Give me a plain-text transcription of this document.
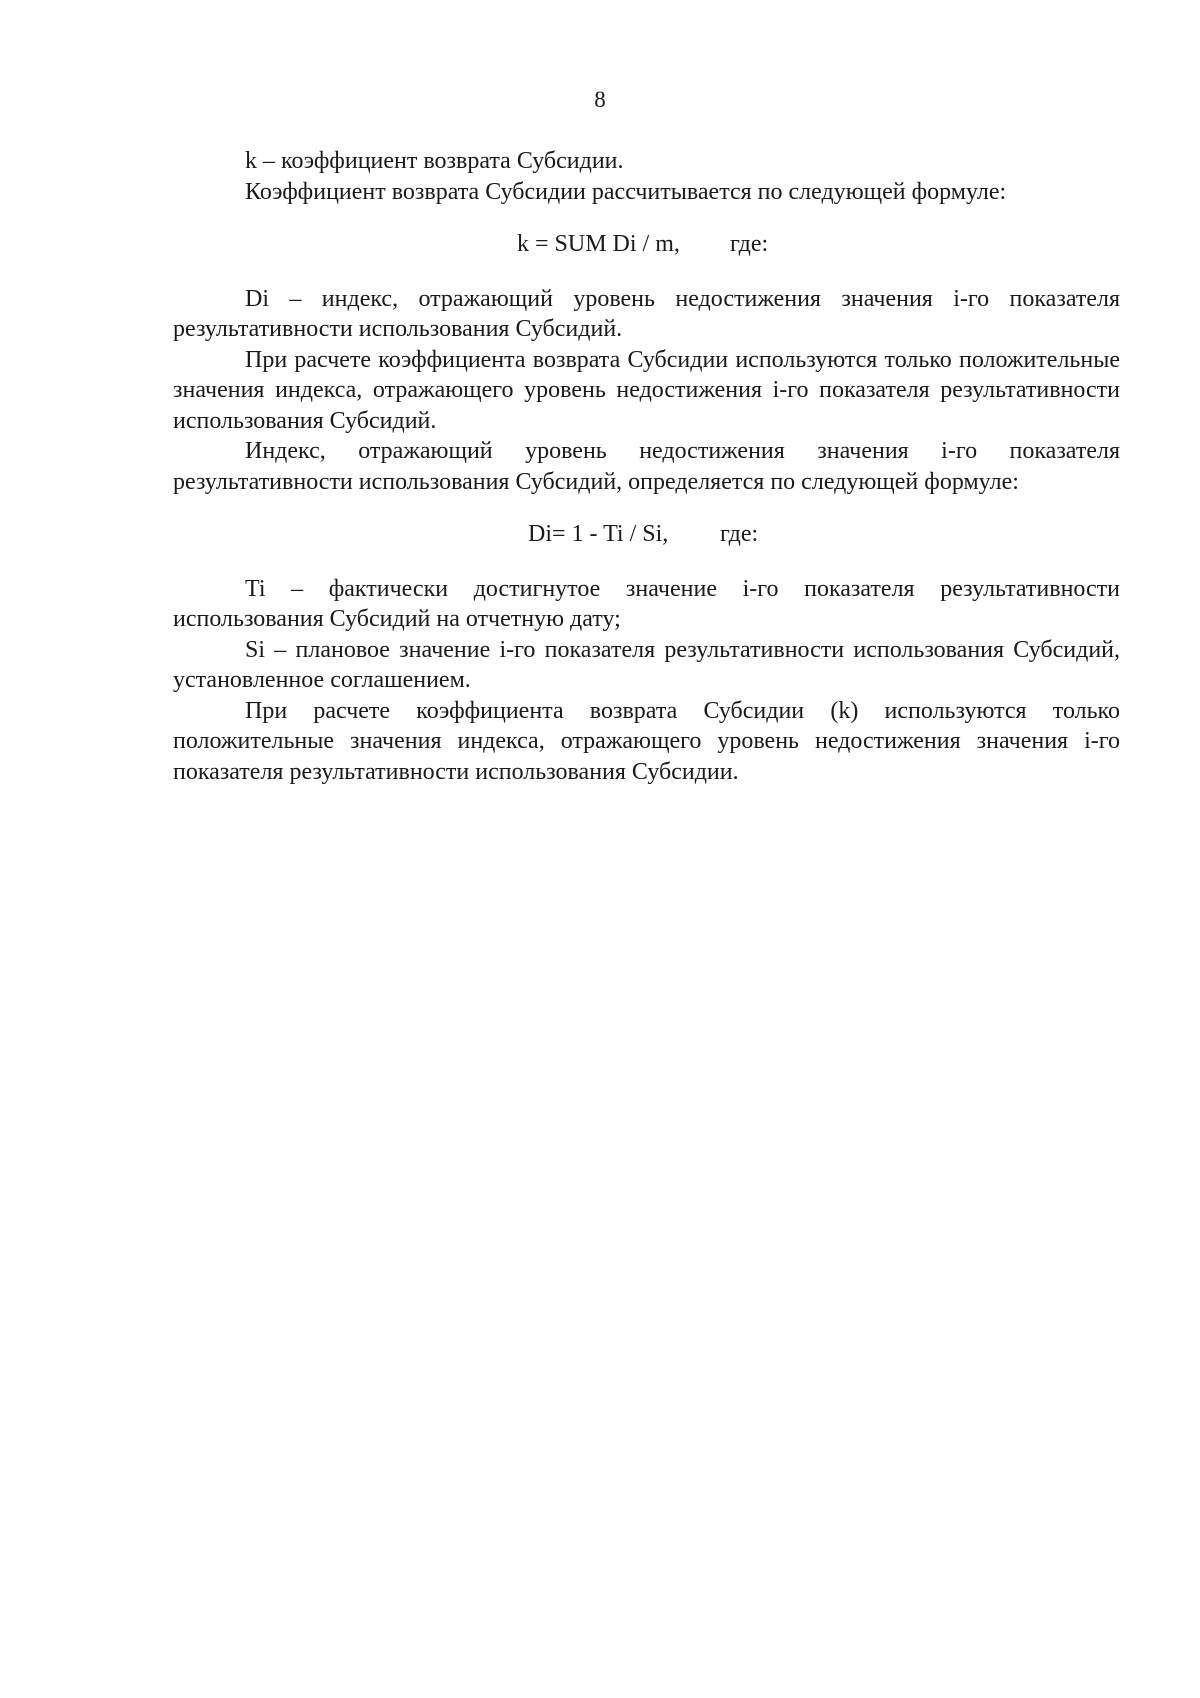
8

k – коэффициент возврата Субсидии.

Коэффициент возврата Субсидии рассчитывается по следующей формуле:

k = SUM Di / m, где:

Di – индекс, отражающий уровень недостижения значения i-го показателя результативности использования Субсидий.

При расчете коэффициента возврата Субсидии используются только положительные значения индекса, отражающего уровень недостижения i-го показателя результативности использования Субсидий.

Индекс, отражающий уровень недостижения значения i-го показателя результативности использования Субсидий, определяется по следующей формуле:

Di= 1 - Ti / Si, где:

Ti – фактически достигнутое значение i-го показателя результативности использования Субсидий на отчетную дату;

Si – плановое значение i-го показателя результативности использования Субсидий, установленное соглашением.

При расчете коэффициента возврата Субсидии (k) используются только положительные значения индекса, отражающего уровень недостижения значения i-го показателя результативности использования Субсидии.
